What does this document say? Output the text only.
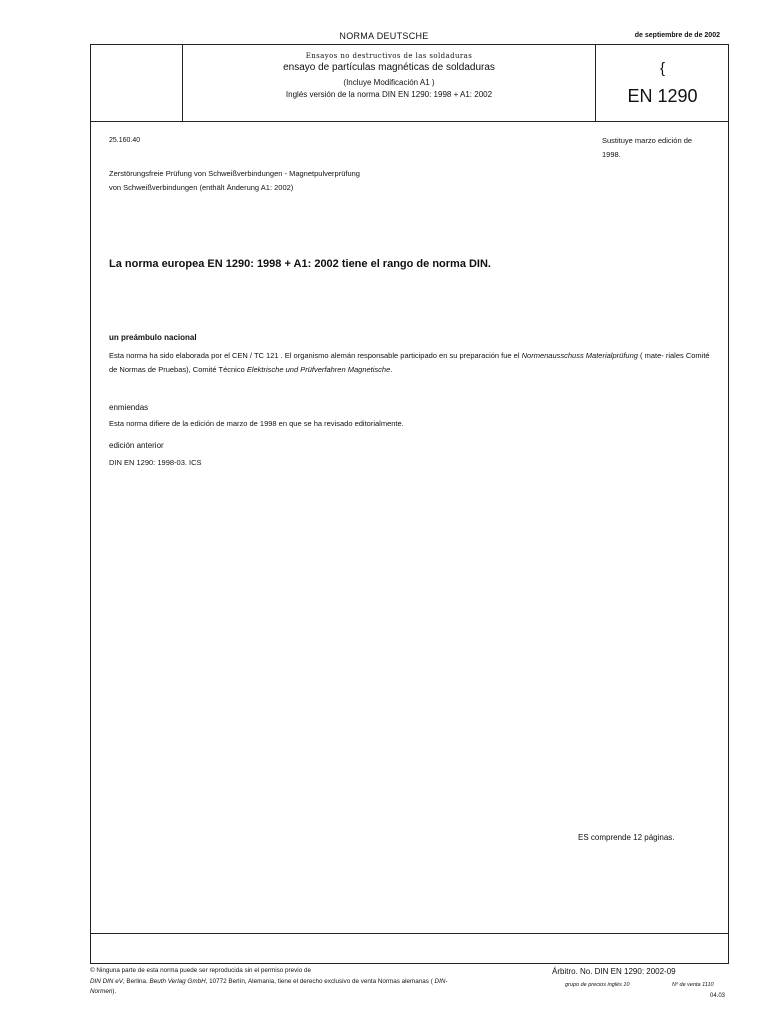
NORMA DEUTSCHE	de septiembre de de 2002
Ensayos no destructivos de las soldaduras
ensayo de partículas magnéticas de soldaduras
(Incluye Modificación A1 )
Inglés versión de la norma DIN EN 1290: 1998 + A1: 2002
{
EN 1290
25.160.40	Sustituye marzo edición de
1998.
Zerstörungsfreie Prüfung von Schweißverbindungen - Magnetpulverprüfung
von Schweißverbindungen (enthält Änderung A1: 2002)
La norma europea EN 1290: 1998 + A1: 2002 tiene el rango de norma DIN.
un preámbulo nacional
Esta norma ha sido elaborada por el CEN / TC 121 . El organismo alemán responsable participado en su preparación fue el Normenausschuss Materialprüfung ( mate- riales Comité de Normas de Pruebas), Comité Técnico Elektrische und Prüfverfahren Magnetische.
enmiendas
Esta norma difiere de la edición de marzo de 1998 en que se ha revisado editorialmente.
edición anterior
DIN EN 1290: 1998-03. ICS
ES comprende 12 páginas.
© Ninguna parte de esta norma puede ser reproducida sin el permiso previo de
DIN DIN eV, Berlina. Beuth Verlag GmbH, 10772 Berlín, Alemania, tiene el derecho exclusivo de venta Normas alemanas ( DIN-Normen).
Árbitro. No. DIN EN 1290: 2002-09
grupo de precios inglés 10	Nº de venta 1110
04.03
